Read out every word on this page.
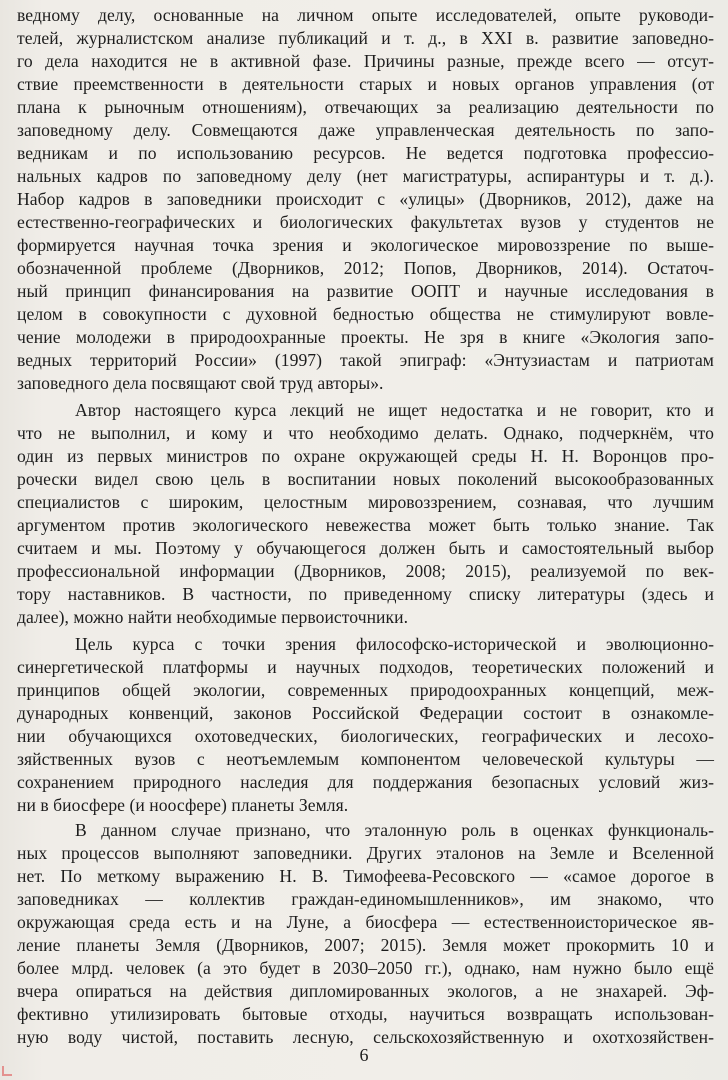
ведному делу, основанные на личном опыте исследователей, опыте руководи-
телей, журналистском анализе публикаций и т. д., в XXI в. развитие заповедно-
го дела находится не в активной фазе. Причины разные, прежде всего — отсут-
ствие преемственности в деятельности старых и новых органов управления (от
плана к рыночным отношениям), отвечающих за реализацию деятельности по
заповедному делу. Совмещаются даже управленческая деятельность по запо-
ведникам и по использованию ресурсов. Не ведется подготовка профессио-
нальных кадров по заповедному делу (нет магистратуры, аспирантуры и т. д.).
Набор кадров в заповедники происходит с «улицы» (Дворников, 2012), даже на
естественно-географических и биологических факультетах вузов у студентов не
формируется научная точка зрения и экологическое мировоззрение по выше-
обозначенной проблеме (Дворников, 2012; Попов, Дворников, 2014). Остаточ-
ный принцип финансирования на развитие ООПТ и научные исследования в
целом в совокупности с духовной бедностью общества не стимулируют вовле-
чение молодежи в природоохранные проекты. Не зря в книге «Экология запо-
ведных территорий России» (1997) такой эпиграф: «Энтузиастам и патриотам
заповедного дела посвящают свой труд авторы».
Автор настоящего курса лекций не ищет недостатка и не говорит, кто и
что не выполнил, и кому и что необходимо делать. Однако, подчеркнём, что
один из первых министров по охране окружающей среды Н. Н. Воронцов про-
рочески видел свою цель в воспитании новых поколений высокообразованных
специалистов с широким, целостным мировоззрением, сознавая, что лучшим
аргументом против экологического невежества может быть только знание. Так
считаем и мы. Поэтому у обучающегося должен быть и самостоятельный выбор
профессиональной информации (Дворников, 2008; 2015), реализуемой по век-
тору наставников. В частности, по приведенному списку литературы (здесь и
далее), можно найти необходимые первоисточники.
Цель курса с точки зрения философско-исторической и эволюционно-
синергетической платформы и научных подходов, теоретических положений и
принципов общей экологии, современных природоохранных концепций, меж-
дународных конвенций, законов Российской Федерации состоит в ознакомле-
нии обучающихся охотоведческих, биологических, географических и лесохо-
зяйственных вузов с неотъемлемым компонентом человеческой культуры —
сохранением природного наследия для поддержания безопасных условий жиз-
ни в биосфере (и ноосфере) планеты Земля.
В данном случае признано, что эталонную роль в оценках функциональ-
ных процессов выполняют заповедники. Других эталонов на Земле и Вселенной
нет. По меткому выражению Н. В. Тимофеева-Ресовского — «самое дорогое в
заповедниках — коллектив граждан-единомышленников», им знакомо, что
окружающая среда есть и на Луне, а биосфера — естественноисторическое яв-
ление планеты Земля (Дворников, 2007; 2015). Земля может прокормить 10 и
более млрд. человек (а это будет в 2030–2050 гг.), однако, нам нужно было ещё
вчера опираться на действия дипломированных экологов, а не знахарей. Эф-
фективно утилизировать бытовые отходы, научиться возвращать использован-
ную воду чистой, поставить лесную, сельскохозяйственную и охотхозяйствен-
6
